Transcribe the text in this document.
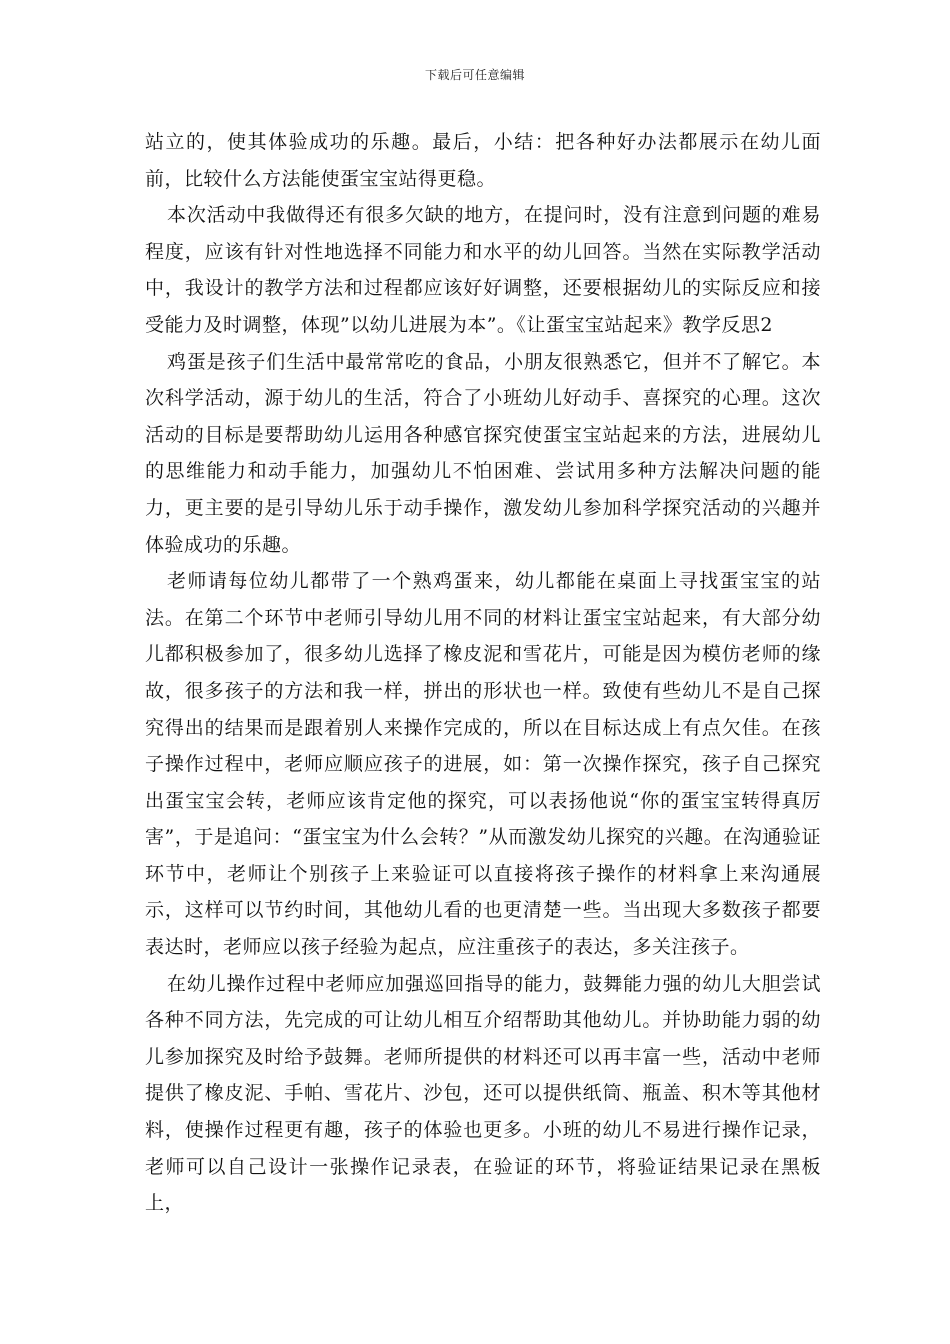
下载后可任意编辑

站立的，使其体验成功的乐趣。最后，小结：把各种好办法都展示在幼儿面前，比较什么方法能使蛋宝宝站得更稳。

本次活动中我做得还有很多欠缺的地方，在提问时，没有注意到问题的难易程度，应该有针对性地选择不同能力和水平的幼儿回答。当然在实际教学活动中，我设计的教学方法和过程都应该好好调整，还要根据幼儿的实际反应和接受能力及时调整，体现”以幼儿进展为本”。《让蛋宝宝站起来》教学反思2

鸡蛋是孩子们生活中最常常吃的食品，小朋友很熟悉它，但并不了解它。本次科学活动，源于幼儿的生活，符合了小班幼儿好动手、喜探究的心理。这次活动的目标是要帮助幼儿运用各种感官探究使蛋宝宝站起来的方法，进展幼儿的思维能力和动手能力，加强幼儿不怕困难、尝试用多种方法解决问题的能力，更主要的是引导幼儿乐于动手操作，激发幼儿参加科学探究活动的兴趣并体验成功的乐趣。

老师请每位幼儿都带了一个熟鸡蛋来，幼儿都能在桌面上寻找蛋宝宝的站法。在第二个环节中老师引导幼儿用不同的材料让蛋宝宝站起来，有大部分幼儿都积极参加了，很多幼儿选择了橡皮泥和雪花片，可能是因为模仿老师的缘故，很多孩子的方法和我一样，拼出的形状也一样。致使有些幼儿不是自己探究得出的结果而是跟着别人来操作完成的，所以在目标达成上有点欠佳。在孩子操作过程中，老师应顺应孩子的进展，如：第一次操作探究，孩子自己探究出蛋宝宝会转，老师应该肯定他的探究，可以表扬他说“你的蛋宝宝转得真厉害”，于是追问：“蛋宝宝为什么会转？”从而激发幼儿探究的兴趣。在沟通验证环节中，老师让个别孩子上来验证可以直接将孩子操作的材料拿上来沟通展示，这样可以节约时间，其他幼儿看的也更清楚一些。当出现大多数孩子都要表达时，老师应以孩子经验为起点，应注重孩子的表达，多关注孩子。

在幼儿操作过程中老师应加强巡回指导的能力，鼓舞能力强的幼儿大胆尝试各种不同方法，先完成的可让幼儿相互介绍帮助其他幼儿。并协助能力弱的幼儿参加探究及时给予鼓舞。老师所提供的材料还可以再丰富一些，活动中老师提供了橡皮泥、手帕、雪花片、沙包，还可以提供纸筒、瓶盖、积木等其他材料，使操作过程更有趣，孩子的体验也更多。小班的幼儿不易进行操作记录，老师可以自己设计一张操作记录表，在验证的环节，将验证结果记录在黑板上，
